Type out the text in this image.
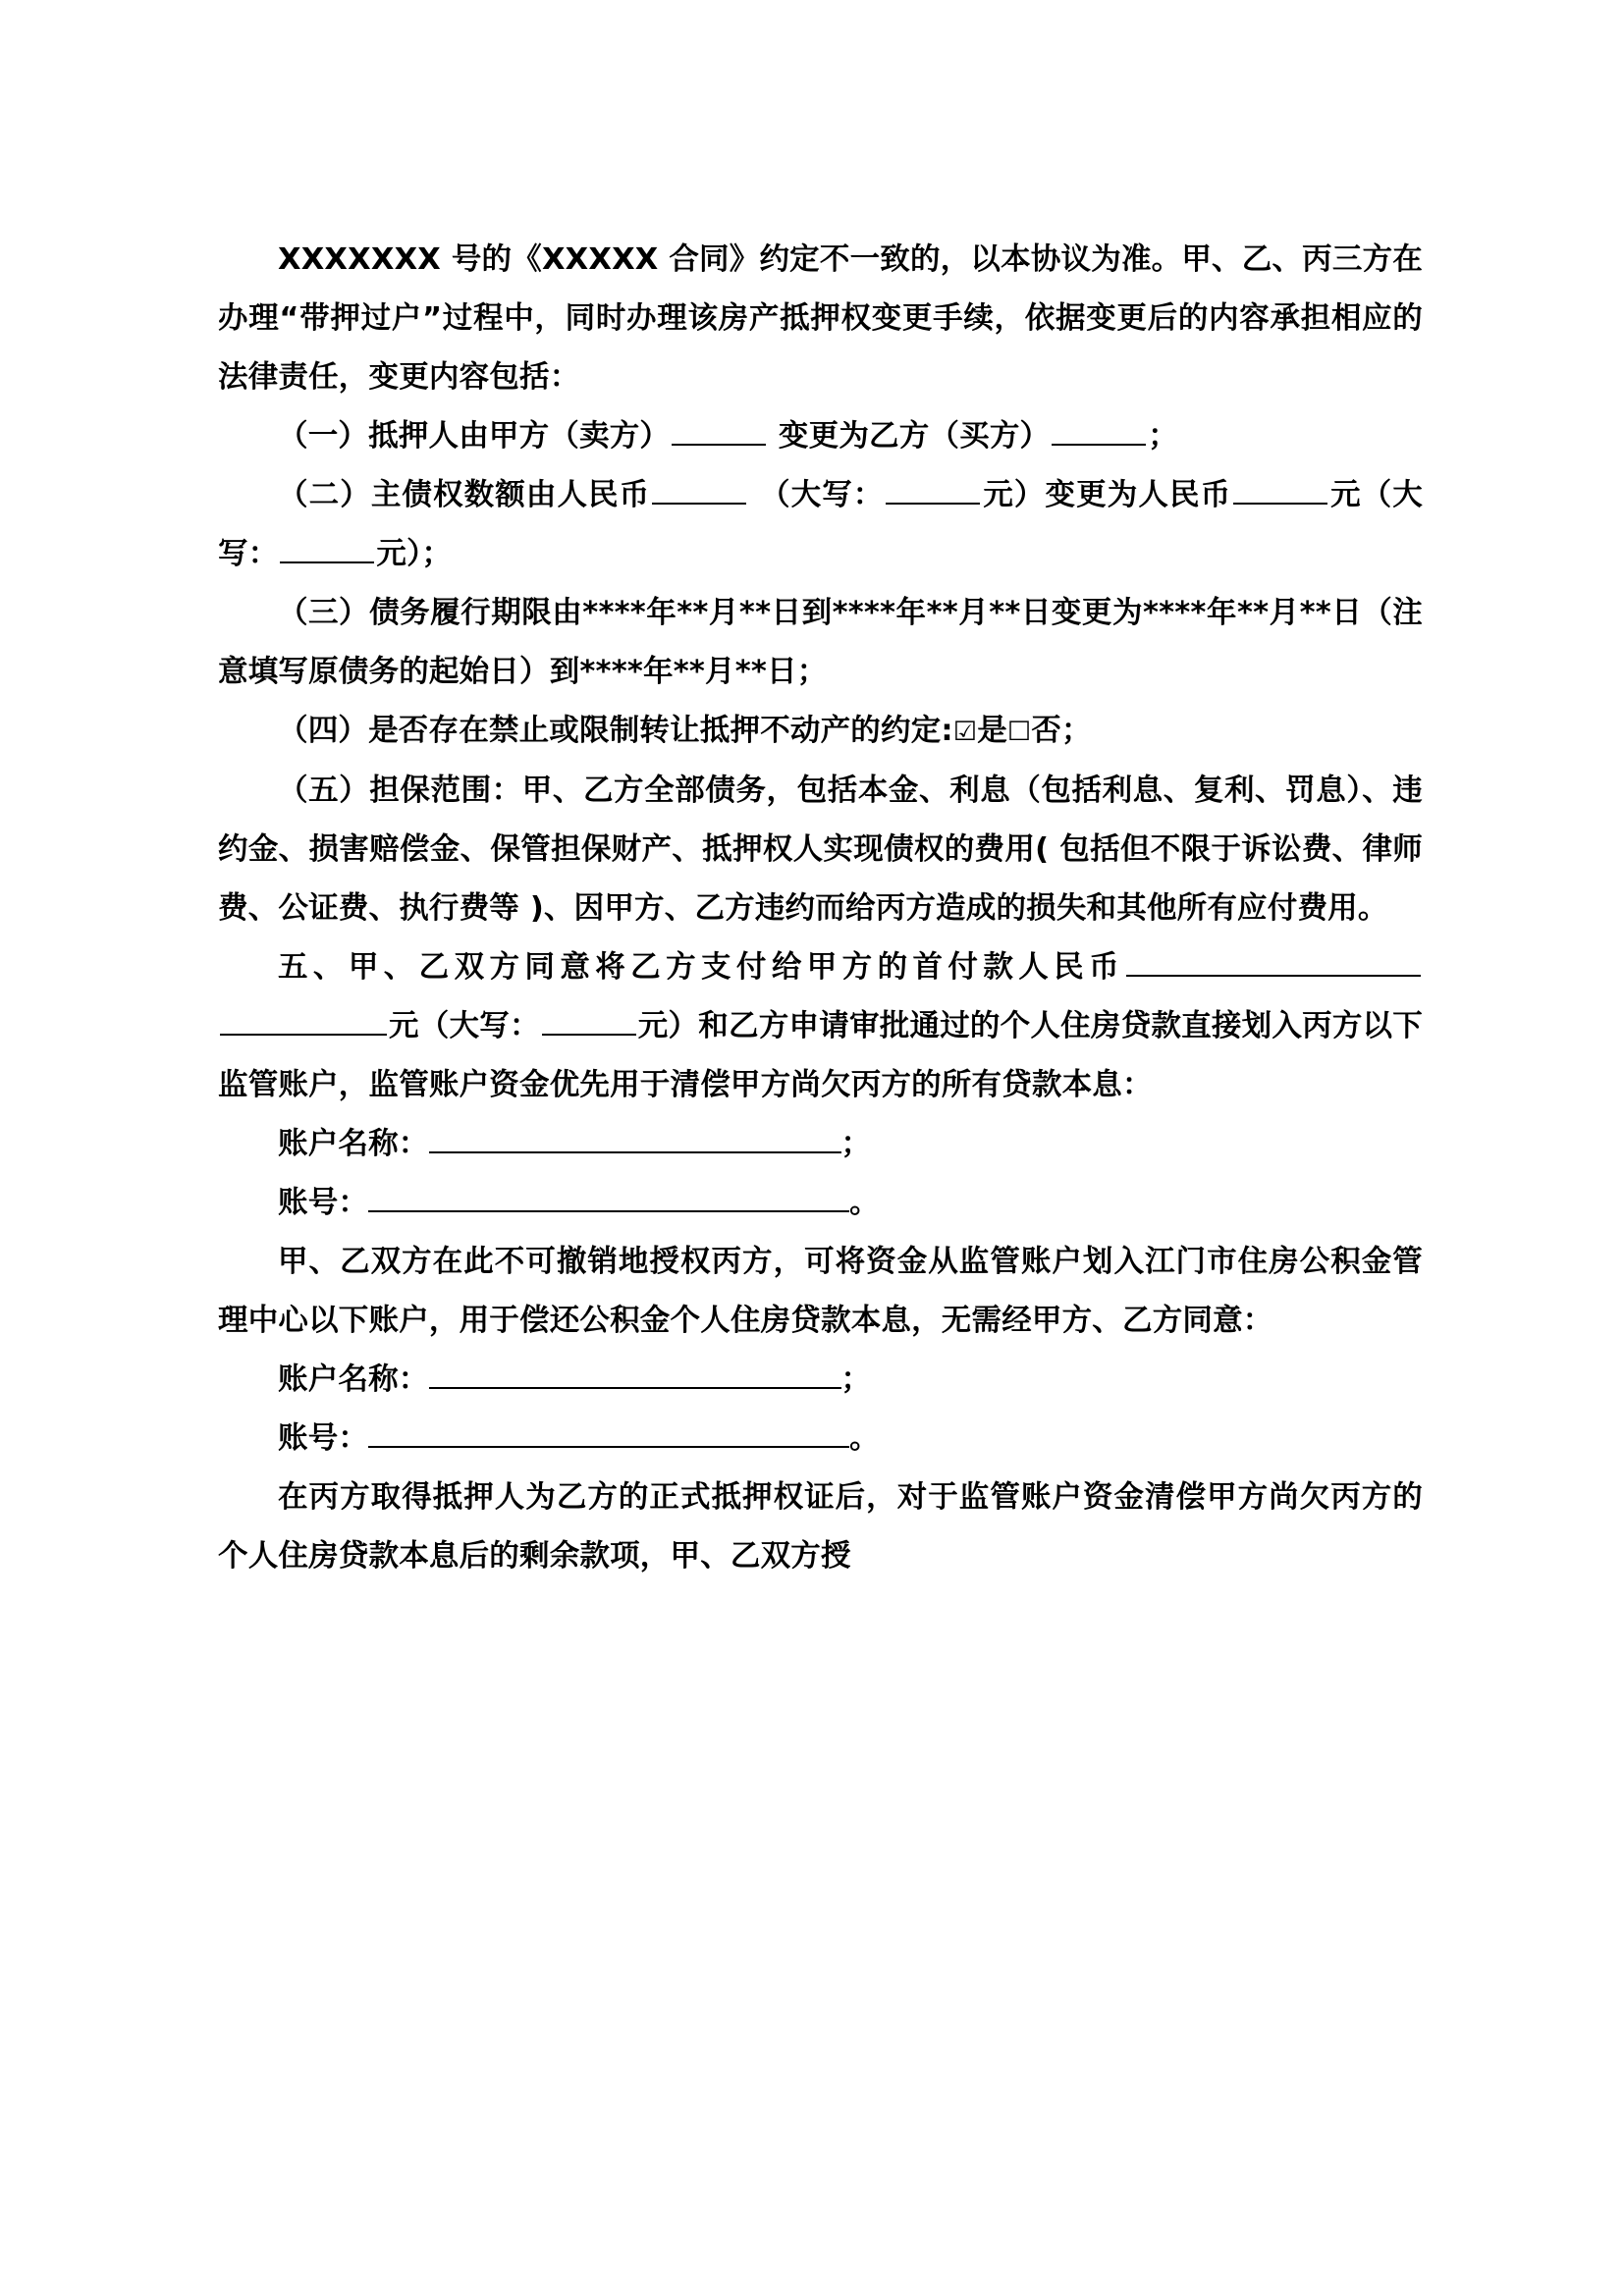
XXXXXXX 号的《XXXXX 合同》约定不一致的，以本协议为准。甲、乙、丙三方在办理“带押过户”过程中，同时办理该房产抵押权变更手续，依据变更后的内容承担相应的法律责任，变更内容包括：

（一）抵押人由甲方（卖方）	变更为乙方（买方）	；

（二）主债权数额由人民币	（大写：	元）变更为人民币	元（大写：	元）；

（三）债务履行期限由****年**月**日到****年**月**日变更为****年**月**日（注意填写原债务的起始日）到****年**月**日；

（四）是否存在禁止或限制转让抵押不动产的约定: ☑ 是 ☐ 否；

（五）担保范围：甲、乙方全部债务，包括本金、利息（包括利息、复利、罚息）、违约金、损害赔偿金、保管担保财产、抵押权人实现债权的费用( 包括但不限于诉讼费、律师费、公证费、执行费等 )、因甲方、乙方违约而给丙方造成的损失和其他所有应付费用。

五、甲、乙双方同意将乙方支付给甲方的首付款人民币元（大写：	元）和乙方申请审批通过的个人住房贷款直接划入丙方以下监管账户，监管账户资金优先用于清偿甲方尚欠丙方的所有贷款本息：

账户名称：	；

账号：	。

甲、乙双方在此不可撤销地授权丙方，可将资金从监管账户划入江门市住房公积金管理中心以下账户，用于偿还公积金个人住房贷款本息，无需经甲方、乙方同意：

账户名称：	；

账号：	。

在丙方取得抵押人为乙方的正式抵押权证后，对于监管账户资金清偿甲方尚欠丙方的个人住房贷款本息后的剩余款项，甲、乙双方授
